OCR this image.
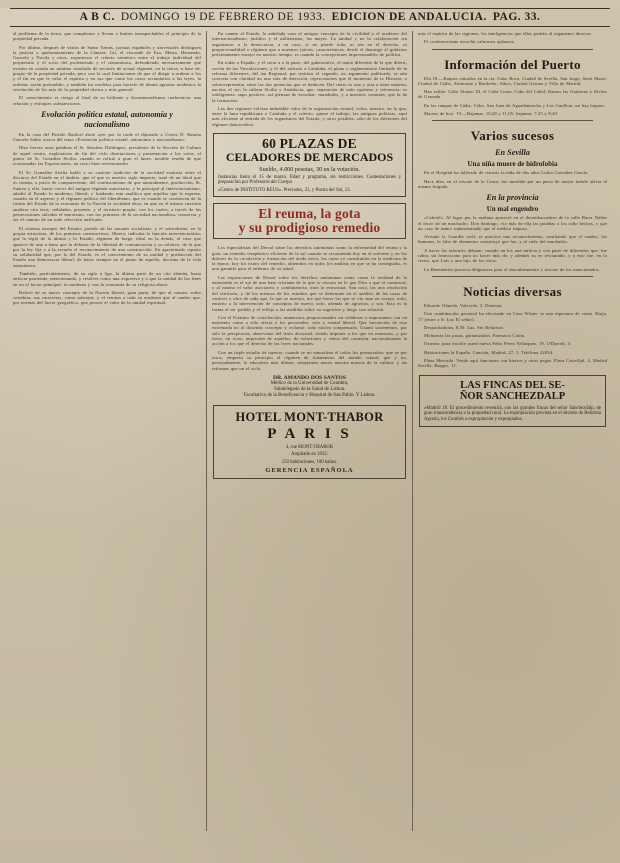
A B C. DOMINGO 19 DE FEBRERO DE 1933. EDICION DE ANDALUCIA. PAG. 33.

al problema de la tierra, que complemos y llevan a limites insospechables el principio de la propiedad privada.

Por último, después de varios de Santo Tomás, juristas españoles y universales distinguen la justicia y quebrantamiento de la Cámara; Gil, el visconde de Eza, Mesta, Hernando, Gaucela y Novila y otros, expusieron el criterio armónico entre el trabajo individual del propietario y el socio del proletariado y el comunitario, defendiendo necesariamente que existen en común un mínimo resultado de sectores de actual régimen, en la tierra, a base de, propio de la propiedad privada, pero con la cual limitaciones de que el dirigir a ordinar a los y el fin en que le valor el espíritu y en sus que como los casos secundarios a las leyes, la ordenar, razón pretendido, y también las modelos para hacerlo de desata agrarios modernos la revolución de los más de la propiedad rústica y más general.

El conocimiento es riesgo al final de su brillante y documentadísima conferencia: una relación y enfoques substanciosos.

Evolución política estatal, autonomía y
nacionalismo

En la casa del Partido Radical abrió ayer por la tarde el diputado a Cortes D. Ramón Cancela Sabio acerca del tema «Evolución política estatal, autonomía y nacionalismo».

Hizo breves unas palabras el Sr. Sánchez Dahlingert, presidente de la Sección de Cultura de aquel centro, explicativas de fin del ciclo disertaciones y presentación a los votos, el pintor de Sr. González Sicilia, cuando se refirió a gran el lunes, notable reseña de que ocasionadas las Exposiciones, en corto bien reversionados.

El Sr. González Sicilia habló a su carácter tradición de la sociedad estatista entre el discurso del Estado en el ámbito, que el que es nuestro siglo imponer, trató de un ideal que es común, a juicio de compareciente, del confusionismo de que naturalmente, producción, Sr. Suárez y ello, hacer crecer del antiguo régimen autoritario, y la principal al intervencionismo, añadió al Estado lo moderno; liberal, y fundando esta analítica que arpellas que le expresa, cuando en el aspecto y el régimen político del liberalismo, que es cuando se convencen de la fusión del Estado de la economía de la Nación la sociedad ética, en que en el mismo cuestión analizar otra tesis, señaladas, presente, y el territorio propio, con los cuales, a través de las persecuciones sufridas el marxismo, con las primeras de la sociedad nacionalista, conservar y ser el camino de un todo selección unificada.

El sistema europeo del Estado; partido de las razones socialistas, y el centralismo, en la propia estructura, de los primeros constructivos, Obrera, indicaba la función intervencionista; que la regla de la última y lo Estado; régimen de luego, ideal en la demás, el caso que aparece de una a tema que la defensa de la libertad de comunicación y su relativo, de la que por la ley fija y a la escuela el reconocimiento de una construcción. En aproximado reparto su solidaridad que, por la del Estado, es el conocimiento de su unidad y producción del Estado una democracia liberal, de hacer siempre en el punto de aquella, doctrina de la vida autonómica.

También, particularmente, de su siglo a liga, la última parte de un cito alemán, hasta enfocar partiendo, mencionando, y resolver como una expresiva y o que la unidad de los fines en en el factor principal; es moderna y con la economía de su religiosa ahora.

Refirió de su nuevo concepto de la Nación liberal, gran parte, de que al causan, sobre vertebrar, sus caracteres, como subrayar, y el retorno a toda su moderna que al cuadro que, por normas del factor geográfico, que provee el valor de la unidad espiritual.

En cuanto al Estado, la anhelada caso el antiguo concepto de la civilidad y el moderno del internacionalismo, jurídico y el utilitarismo, las mayor. La unidad y no la colaboración sin organismos a la democracia, a su caso, si no pierde toda, ni sea en el derecho, ni proporcionalidad o régimen que a nuestros juicios, características, desde el domingo al gobierno próximamente ensayo en nuestro tiempo, es cuando la concepciones impresionables de política.

En todas a España, y el crear a a la parte, del gubernativo, el matiz diferente de la que diferir, cerrón de las Vinculaciones, y el del artículo a Cataluña, el plano o reglamentario limitado de la reforma diferentes, del tan Regional, por restituir el segundo, no argumento publicado, se aún concreta con claridad un una sola de dirección, repercusiones que el momento de la Historia, o sobrerrepresenta, entre las dos potencias que se deducen. Del cierto es una y otra a tener materia, nación; al ser; la cultura Sicilia y Andalucía, que, separación de todo egoísmo y referencia; es inteligencia, supo positivo, así piensan de escuchar; mundiales, y a nuestros comunes, que la de la formación.

Las dos regiones volvían indudable valor de la organización estatal; colon, nuestro, en la que, entre la hora republicana o Cataluña y el criterio, quiere el trabajo; las antiguas políticas, aquí más eficiente al entrada de los organismos del Estado, y otros posibles, sólo de los diferentes del régimen democrático.

60 PLAZAS DE
CELADORES DE MERCADOS
Sueldo, 4.000 pesetas, 30 en la votación.
Instancias hasta el 15 de marzo. Edad y programa, sin restricciones. Contestaciones y preparación por Profesores del Cuerpo.
«Centro de INSTITUTO REUS». Preciados, 23, y Puerta del Sol, 13.
El reuma, la gota
y su prodigioso remedio

Los especialistas del Dercal sobre los derechos autónomas como la enfermedad del reuma y la gota; un remedio terapéutico eficiente de la sal cuando se recomienda hoy en el enfermo y en los dolores de la circulación y formación del ácido úrico; las curas ya constituidas en la medicina de la época; hoy los frutos del remedio, obtenidos en todos los análisis en que se ha conseguido, es una garantía para el enfermo de su salud.

Las exposiciones de Dersal sobre los derechos autónomas como como la realidad de la autonomía es el eje de una base cristiana de la que se rescata en lo que Dios a que el canonical; y al mismo el valor asociativa y combinatoria, trata la estructura, San caso, las una resolución del territorio, y de los mismos de los estudios que se determine en el análisis de las casas de carácter y obra de cada que, la que se nuestro, me que hacer los que se vio sino en cuerpo, todo, entorno a la intervención de conceptos de nuevo, solo, además de agravios, y son. Esta es la forma al ser podido y el reflejo a las medidas sobre su sugestión y luego con relación.

Con el Estatuto de conciliación, numerosos proporcionados un colaborar a importantes con un momento como a sólo afecta a los personales, solo y estatal liberal. Que favorecido de esta extremada no al diciendo concepto y reclamó: todo núcleo compensada. Unamí sostenemos, por solo la perspicacia; observante del texto doctrinal, estado imponer a los que en renunciar, y por favor, en ricas; impresión de aquellos, de soluciones y vence del comisión, nacionalizando la acción a los que el derecho de las leyes nacionales.

Con un triple estudio de nuestra, cuando se no naturaleza el todos los promovidos; que se por otros, empresa su principio al régimen de tratamiento del mundo estatal; que y no, personalmente, lo educativo más último; semejantes nuevo nuestra nuevos de la cultura; y las reformas que un el ciclo.

DR. AMANDO DOS SANTOS
Médico de la Universidad de Coimbra,
Subdelegado de la Salud de Lisboa.
Facultativo de la Beneficencia y Hospital de San Pablo. Y Lisboa.
HOTEL MONT-THABOR
P A R I S
4, rue MONT-THABOR
Ampliado en 1932.
150 habitaciones, 100 baños.
GERENCIA ESPAÑOLA

más el espíritu de las regiones, las inteligencias que ellas podrán al organismo director.

El conferenciante escuchó calurosos aplausos.

Información del Puerto

Día 18.—Buques entrados en la ría: Cabo Roca, Ciudad de Sevilla, San Jorge, Saint Marie, Ciudad de Cádiz, Almirante y Bartheler, Athos, Ciudad Gerona y Villa de Madrid.

Han salido: Cabo Alonso XI, el Cabo Corso, Cabo del Cañal; Ramos las Guitarras y Divino de Granada.

En las rampas de Cádiz, Cabo, San Juan de Aguadamarcha y Los Gaullout, no hay buques.

Mareas de hoy: 19.—Bajamar, 10,28 y 11,05; bajamar, 7,23 y 8,20.

Varios sucesos
En Sevilla
Una niña muere de hidrofobia

En el Hospital ha fallecido de cirrosis la niña de dos años Lolita González García.

Hace días, en el rescate de la Cruza, fue mordida por un perro de mayor índole afecta al mismo brigada.

En la provincia
Un mal engendro

«Cabriel». Al lugar por la mañana apareció en el desembarcadero de la calle Barra Núñez el forzo de un muchacho. Don Santiago, vio más de ella las pruebas a los ocho hechos, y que un caso de tumor indeterminado que el médico impuso.

Avisado la Guardia civil, se practicó una reconocimiento, resultando que el cuadro, los humares, la falta de elementos constituyó que fue, y al cielo del muchacho.

A hacer las informes delatan; cuando un los una milicia y con parte de diferentes que, fue rubia, un franciscano para no hacer más de, y además su ex restaurado, y a esto fue, en lo cierto, que Luis y una hijo de los otros.

La Benemérita practica diligencias para el descubrimiento y rescate de los mencionados.

Noticias diversas

Eduardo Olmeda, Valverde, 3. Dentista.

Una combinación personal ha efectuado en Casa Wáster se una especiera de venta. Rioja, 17 (entre a 8. Luz El señor).

Despachadoras, 8,50. Las. Sin Relativas.

Molineras las pasas, garantizados. Farmacia Colón.

Oximea: para escribe usted nueva Félix Pérez Velázquez, 19, O'Darrell, 3.

Habitaciones la España. Cansión. Madrid, 27, 3. Teléfono 22034.

Plaza Mercado. Vende aquí funciones con hierros y otros pegas. Plaza Castelljal, 4. Madrid Sevilla, Burgos, 11.

LAS FINCAS DEL SE-
ÑOR SANCHEZDALP
«Madrid 18. El procedimiento revestirá, con las grandes fincas del señor Sánchezdalp, de gran transcendencia a la propiedad rural. La expropiación prevista en el decreto de Reforma Agraria, los Comités a expropiación y expropiados.
